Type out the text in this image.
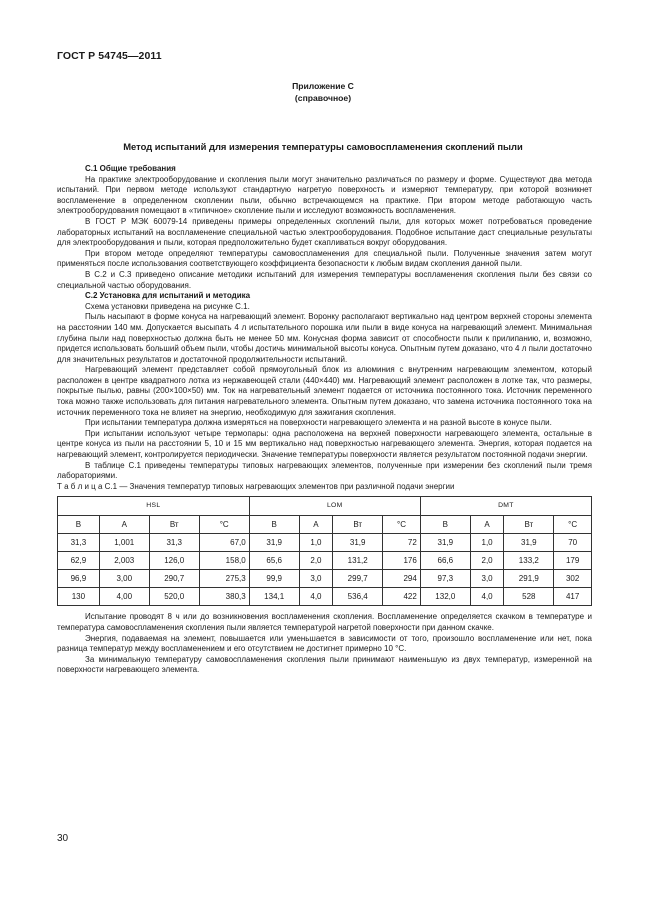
ГОСТ Р 54745—2011
Приложение С
(справочное)
Метод испытаний для измерения температуры самовоспламенения скоплений пыли

С.1 Общие требования

На практике электрооборудование и скопления пыли могут значительно различаться по размеру и форме. Существуют два метода испытаний. При первом методе используют стандартную нагретую поверхность и измеряют температуру, при которой возникнет воспламенение в определенном скоплении пыли, обычно встречающемся на практике. При втором методе работающую часть электрооборудования помещают в «типичное» скопление пыли и исследуют возможность воспламенения.

В ГОСТ Р МЭК 60079-14 приведены примеры определенных скоплений пыли, для которых может потребоваться проведение лабораторных испытаний на воспламенение специальной частью электрооборудования. Подобное испытание даст специальные результаты для электрооборудования и пыли, которая предположительно будет скапливаться вокруг оборудования.

При втором методе определяют температуры самовоспламенения для специальной пыли. Полученные значения затем могут применяться после использования соответствующего коэффициента безопасности к любым видам скопления данной пыли.

В С.2 и С.3 приведено описание методики испытаний для измерения температуры воспламенения скопления пыли без связи со специальной частью оборудования.

С.2 Установка для испытаний и методика

Схема установки приведена на рисунке С.1.

Пыль насыпают в форме конуса на нагревающий элемент. Воронку располагают вертикально над центром верхней стороны элемента на расстоянии 140 мм. Допускается высыпать 4 л испытательного порошка или пыли в виде конуса на нагревающий элемент. Минимальная глубина пыли над поверхностью должна быть не менее 50 мм. Конусная форма зависит от способности пыли к прилипанию, и, возможно, придется использовать больший объем пыли, чтобы достичь минимальной высоты конуса. Опытным путем доказано, что 4 л пыли достаточно для значительных результатов и достаточной продолжительности испытаний.

Нагревающий элемент представляет собой прямоугольный блок из алюминия с внутренним нагревающим элементом, который расположен в центре квадратного лотка из нержавеющей стали (440×440) мм. Нагревающий элемент расположен в лотке так, что размеры, покрытые пылью, равны (200×100×50) мм. Ток на нагревательный элемент подается от источника постоянного тока. Источник переменного тока можно также использовать для питания нагревательного элемента. Опытным путем доказано, что замена источника постоянного тока на источник переменного тока не влияет на энергию, необходимую для зажигания скопления.

При испытании температура должна измеряться на поверхности нагревающего элемента и на разной высоте в конусе пыли.

При испытании используют четыре термопары: одна расположена на верхней поверхности нагревающего элемента, остальные в центре конуса из пыли на расстоянии 5, 10 и 15 мм вертикально над поверхностью нагревающего элемента. Энергия, которая подается на нагревающий элемент, контролируется периодически. Значение температуры поверхности является результатом постоянной подачи энергии.

В таблице С.1 приведены температуры типовых нагревающих элементов, полученные при измерении без скоплений пыли тремя лабораториями.

Т а б л и ц а С.1 — Значения температур типовых нагревающих элементов при различной подачи энергии

HSL				LOM				DMT			
В	А	Вт	°С	В	А	Вт	°С	В	А	Вт	°С
31,3	1,001	31,3	67,0	31,9	1,0	31,9	72	31,9	1,0	31,9	70
62,9	2,003	126,0	158,0	65,6	2,0	131,2	176	66,6	2,0	133,2	179
96,9	3,00	290,7	275,3	99,9	3,0	299,7	294	97,3	3,0	291,9	302
130	4,00	520,0	380,3	134,1	4,0	536,4	422	132,0	4,0	528	417

Испытание проводят 8 ч или до возникновения воспламенения скопления. Воспламенение определяется скачком в температуре и температура самовоспламенения скопления пыли является температурой нагретой поверхности при данном скачке.

Энергия, подаваемая на элемент, повышается или уменьшается в зависимости от того, произошло воспламенение или нет, пока разница температур между воспламенением и его отсутствием не достигнет примерно 10 °C.

За минимальную температуру самовоспламенения скопления пыли принимают наименьшую из двух температур, измеренной на поверхности нагревающего элемента.

30
